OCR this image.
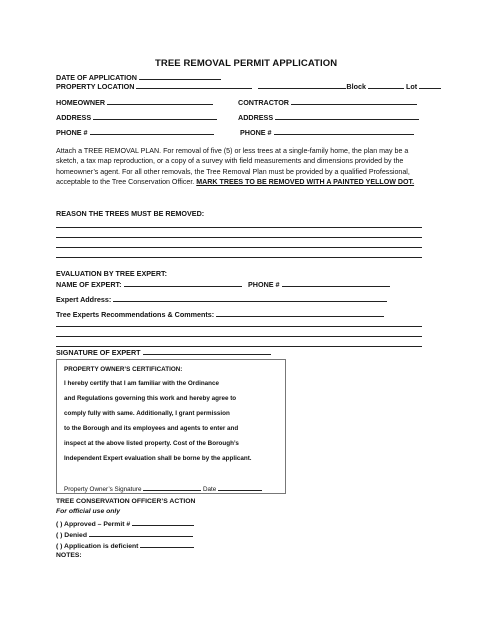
TREE REMOVAL PERMIT APPLICATION
DATE OF APPLICATION
PROPERTY LOCATION	Block	Lot
HOMEOWNER	CONTRACTOR
ADDRESS	ADDRESS
PHONE #	PHONE #
Attach a TREE REMOVAL PLAN. For removal of five (5) or less trees at a single-family home, the plan may be a sketch, a tax map reproduction, or a copy of a survey with field measurements and dimensions provided by the homeowner’s agent. For all other removals, the Tree Removal Plan must be provided by a qualified Professional, acceptable to the Tree Conservation Officer. MARK TREES TO BE REMOVED WITH A PAINTED YELLOW DOT.
REASON THE TREES MUST BE REMOVED:
EVALUATION BY TREE EXPERT:
NAME OF EXPERT:	PHONE #
Expert Address:
Tree Experts Recommendations & Comments:
SIGNATURE OF EXPERT
PROPERTY OWNER’S CERTIFICATION:
I hereby certify that I am familiar with the Ordinance
and Regulations governing this work and hereby agree to
comply fully with same. Additionally, I grant permission
to the Borough and its employees and agents to enter and
inspect at the above listed property. Cost of the Borough’s
Independent Expert evaluation shall be borne by the applicant.
Property Owner’s Signature	Date
TREE CONSERVATION OFFICER’S ACTION
For official use only
( ) Approved – Permit #
( ) Denied
( ) Application is deficient
NOTES:
